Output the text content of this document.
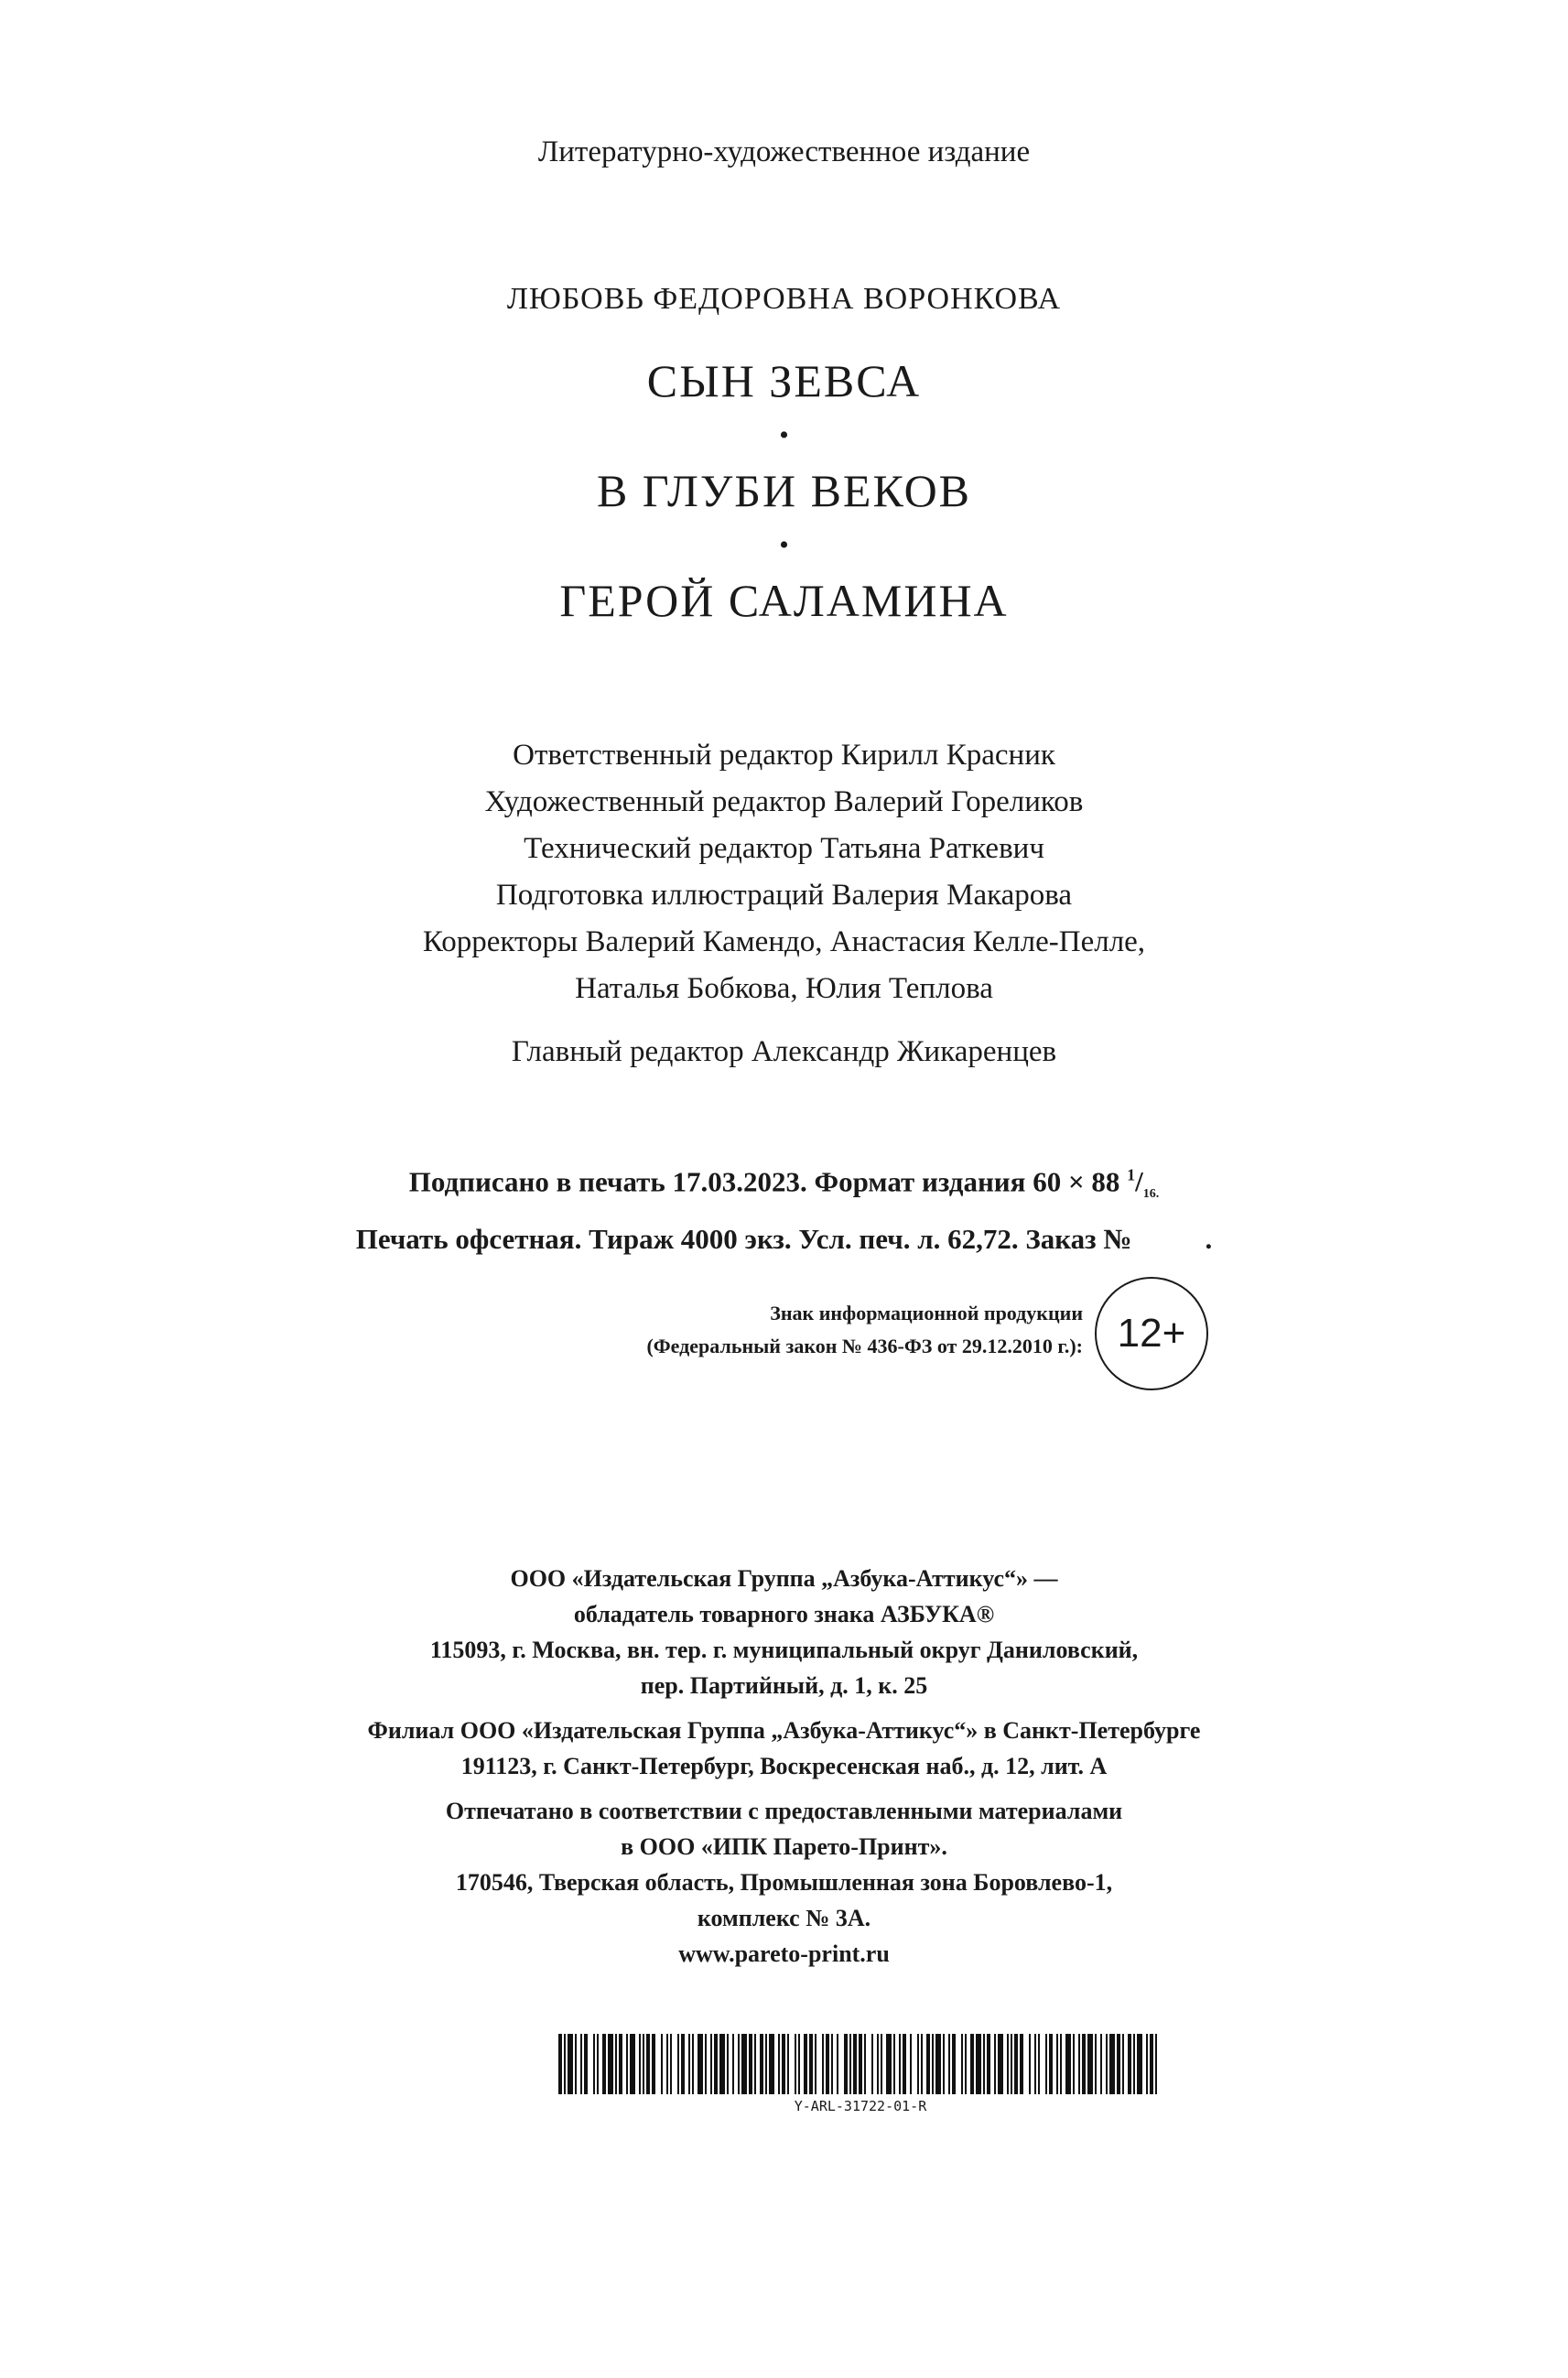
Литературно-художественное издание
ЛЮБОВЬ ФЕДОРОВНА ВОРОНКОВА
СЫН ЗЕВСА
•
В ГЛУБИ ВЕКОВ
•
ГЕРОЙ САЛАМИНА
Ответственный редактор Кирилл Красник
Художественный редактор Валерий Гореликов
Технический редактор Татьяна Раткевич
Подготовка иллюстраций Валерия Макарова
Корректоры Валерий Камендо, Анастасия Келле-Пелле,
Наталья Бобкова, Юлия Теплова
Главный редактор Александр Жикаренцев
Подписано в печать 17.03.2023. Формат издания 60 × 88 $^1/_{16.}$
Печать офсетная. Тираж 4000 экз. Усл. печ. л. 62,72. Заказ №	.
Знак информационной продукции
(Федеральный закон № 436-ФЗ от 29.12.2010 г.): 12+
ООО «Издательская Группа „Азбука-Аттикус“» —
обладатель товарного знака АЗБУКА®
115093, г. Москва, вн. тер. г. муниципальный округ Даниловский,
пер. Партийный, д. 1, к. 25
Филиал ООО «Издательская Группа „Азбука-Аттикус“» в Санкт-Петербурге
191123, г. Санкт-Петербург, Воскресенская наб., д. 12, лит. А
Отпечатано в соответствии с предоставленными материалами
в ООО «ИПК Парето-Принт».
170546, Тверская область, Промышленная зона Боровлево-1,
комплекс № 3А.
www.pareto-print.ru
Y-ARL-31722-01-R
